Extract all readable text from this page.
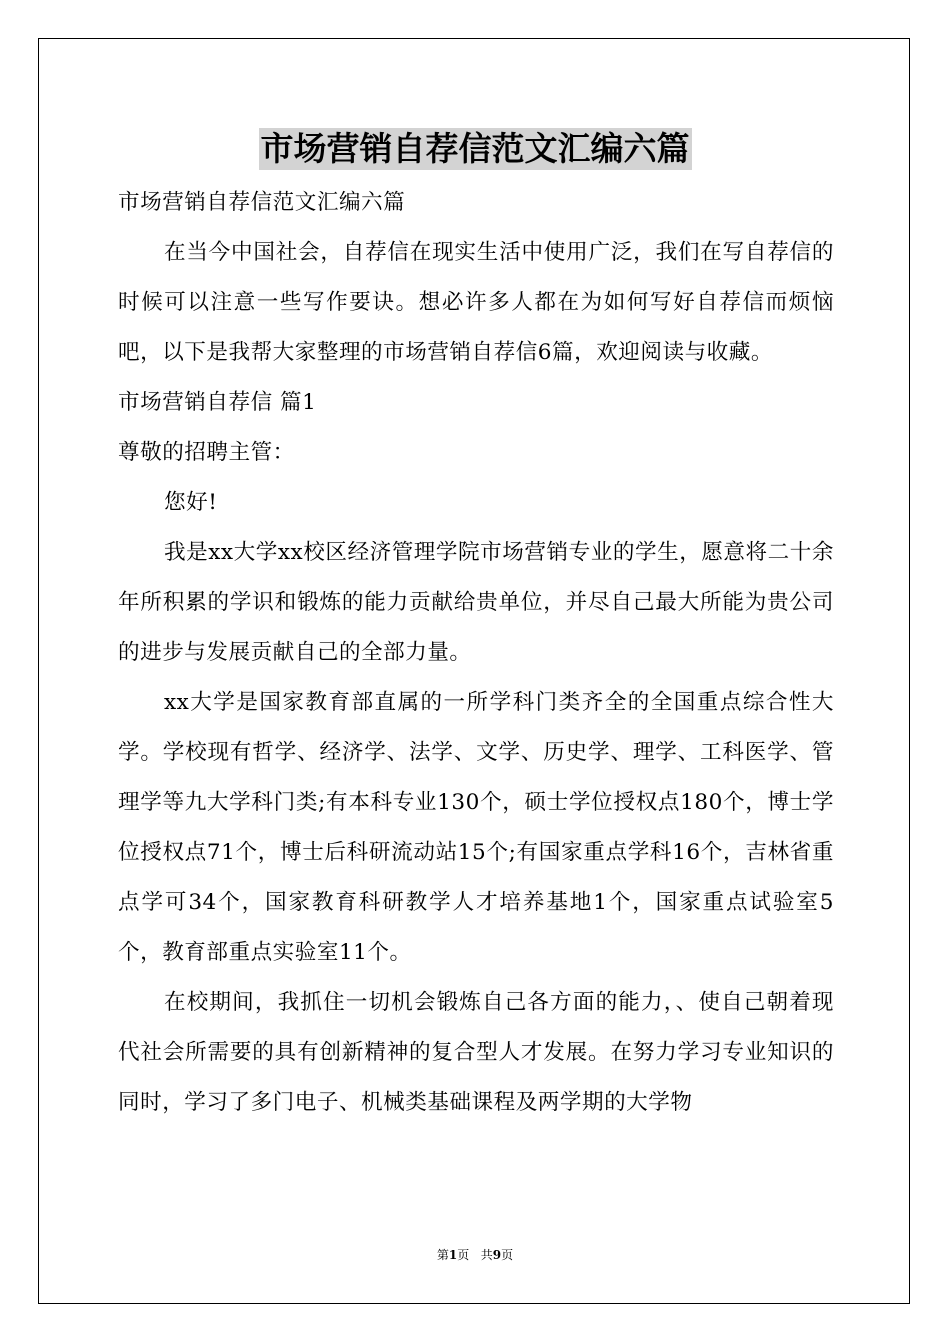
市场营销自荐信范文汇编六篇

市场营销自荐信范文汇编六篇

在当今中国社会，自荐信在现实生活中使用广泛，我们在写自荐信的时候可以注意一些写作要诀。想必许多人都在为如何写好自荐信而烦恼吧，以下是我帮大家整理的市场营销自荐信6篇，欢迎阅读与收藏。

市场营销自荐信 篇1

尊敬的招聘主管：

您好!

我是xx大学xx校区经济管理学院市场营销专业的学生，愿意将二十余年所积累的学识和锻炼的能力贡献给贵单位，并尽自己最大所能为贵公司的进步与发展贡献自己的全部力量。

xx大学是国家教育部直属的一所学科门类齐全的全国重点综合性大学。学校现有哲学、经济学、法学、文学、历史学、理学、工科医学、管理学等九大学科门类;有本科专业130个，硕士学位授权点180个，博士学位授权点71个，博士后科研流动站15个;有国家重点学科16个，吉林省重点学可34个，国家教育科研教学人才培养基地1个，国家重点试验室5个，教育部重点实验室11个。

在校期间，我抓住一切机会锻炼自己各方面的能力，、使自己朝着现代社会所需要的具有创新精神的复合型人才发展。在努力学习专业知识的同时，学习了多门电子、机械类基础课程及两学期的大学物

第1页 共9页
